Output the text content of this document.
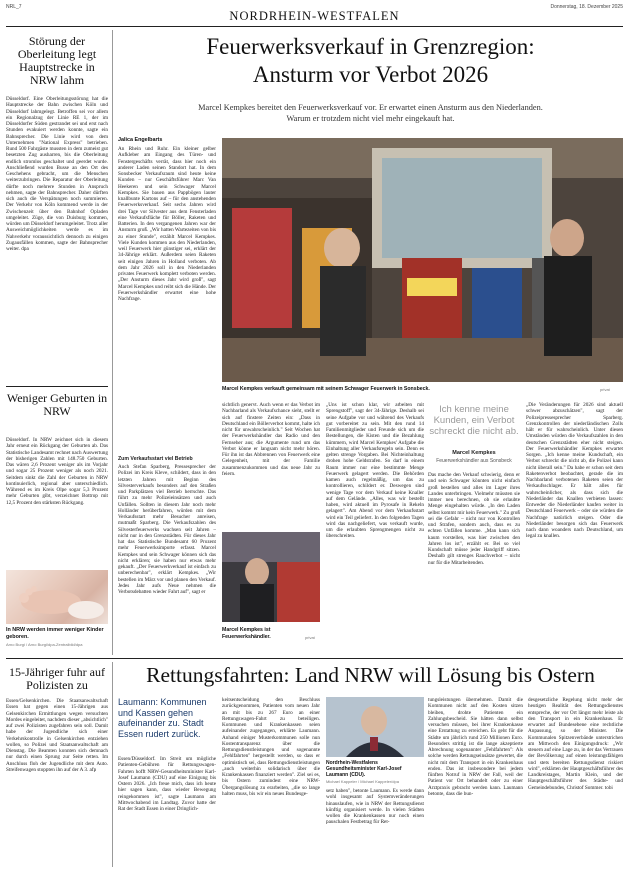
NRL_7	Donnerstag, 18. Dezember 2025
NORDRHEIN-WESTFALEN
Störung der Oberleitung legt Hauptstrecke in NRW lahm
Düsseldorf. Eine Oberleitungsstörung hat die Hauptstrecke der Bahn zwischen Köln und Düsseldorf lahmgelegt. Betroffen sei vor allem ein Regionalzug der Linie RE 1, der im Düsseldorfer Süden gestrandet sei und erst nach Stunden evakuiert werden konnte, sagte ein Bahnsprecher. Die Linie wird von dem Unternehmen "National Express" betrieben. Rund 500 Fahrgäste mussten in dem zumeist gut besetzten Zug ausharren, bis die Oberleitung endlich stromlos geschaltet und geerdet wurde. Anschließend wurden Busse an den Ort des Geschehens gebracht, um die Menschen weiterzubringen. Die Reparatur der Oberleitung dürfte noch mehrere Stunden in Anspruch nehmen, sagte der Bahnsprecher. Daher dürften sich auch die Verspätungen noch summieren. Der Verkehr von Köln kommend werde in der Zwischenzeit über den Bahnhof Opladen umgeleitet. Züge, die von Duisburg kommen, würden um Düsseldorf herumgeleitet. Trotz aller Ausweichmöglichkeiten werde es im Nahverkehr voraussichtlich dennoch zu einigen Zugausfällen kommen, sagte der Bahnsprecher weiter. dpa
Weniger Geburten in NRW
Düsseldorf. In NRW zeichnet sich in diesem Jahr erneut ein Rückgang der Geburten ab. Das Statistische Landesamt rechnet nach Auswertung der bisherigen Zahlen mit 148.750 Geburten. Das wären 2,6 Prozent weniger als im Vorjahr und sogar 25 Prozent weniger als noch 2021. Seitdem sinkt die Zahl der Geburten in NRW kontinuierlich, regional aber unterschiedlich. Während es im Kreis Olpe sogar 5,3 Prozent mehr Geburten gibt, verzeichnet Bottrop mit 12,5 Prozent den stärksten Rückgang.
In NRW werden immer weniger Kinder geboren.
Arno Burgi / Arno Burgi/dpa-Zentralbild/dpa
Feuerwerksverkauf in Grenzregion:
Ansturm vor Verbot 2026
Marcel Kempkes bereitet den Feuerwerksverkauf vor. Er erwartet einen Ansturm aus den Niederlanden.
Warum er trotzdem nicht viel mehr eingekauft hat.
Jalica Engelbarts
An Rhein und Ruhr. Ein kleiner gelber Aufkleber am Eingang des Türen- und Fenstergeschäfts verrät, dass hier noch ein anderer Laden seinen Standort hat. In dem Sonsbecker Verkaufsraum sind heute keine Kunden – nur Geschäftsführer Marc Van Heekeren und sein Schwager Marcel Kempkes. Sie bauen aus Pappbögen lauter knallbunte Kartons auf – für den anstehenden Feuerwerksverkauf. Seit sechs Jahren wird drei Tage vor Silvester aus dem Fensterladen eine Verkaufsfläche für Böller, Raketen und Batterien. In den vergangenen Jahren war der Ansturm groß. „Wir hatten Wartezeiten von bis zu einer Stunde", erzählt Marcel Kempkes. Viele Kunden kommen aus den Niederlanden, weil Feuerwerk hier günstiger sei, erklärt der 34-Jährige erklärt. Außerdem seien Raketen seit einigen Jahren in Holland verboten. Ab dem Jahr 2026 soll in den Niederlanden privates Feuerwerk komplett verboten werden. „Der Ansturm dieses Jahr wird groß", sagt Marcel Kempkes und reibt sich die Hände. Der Feuerwerkshändler erwartet eine hohe Nachfrage.
Marcel Kempkes verkauft gemeinsam mit seinem Schwager Feuerwerk in Sonsbeck.	privat
sichtlich genervt. Auch wenn er das Verbot im Nachbarland als Verkaufschance sieht, stellt er sich auf finstere Zeiten ein: „Dass in Deutschland ein Böllerverbot kommt, halte ich nicht für unwahrscheinlich." Seit Wochen hat der Feuerwerkshändler das Radio und den Fernseher aus; die Argumente rund um das Verbot könne er langsam nicht mehr hören. Für ihn ist das Abbrennen von Feuerwerk eine Gelegenheit, mit der Familie zusammenzukommen und das neue Jahr zu feiern.
Marcel Kempkes ist Feuerwerkshändler.	privat
Zum Verkaufsstart viel Betrieb
Auch Stefan Sparberg, Pressesprecher der Polizei im Kreis Kleve, schildert, dass in den letzten Jahren mit Beginn des Silvesterverkaufs besonders auf den Straßen und Parkplätzen viel Betrieb herrschte. Das führt zu mehr Polizeieinsätzen und auch Unfällen. Sollten in diesem Jahr noch mehr Holländer herüberfahren, würden mit dem Verkaufsstart mehr Besucher anreisen, mutmaßt Sparberg. Die Verkaufszahlen des Silvesterfeuerwerks wachsen seit Jahren – nicht nur in den Grenzstädten. Für dieses Jahr hat das Statistische Bundesamt 60 Prozent mehr Feuerwerksimporte erfasst. Marcel Kempkes und sein Schwager können sich das nicht erklären; sie haben nur etwas mehr gekauft. „Der Feuerwerkverkauf ist einfach zu unberechenbar", erklärt Kempkes. „Wir bestellen im März vor und planen den Verkauf. Jedes Jahr aufs Neue nehmen die Verbotsdebatten wieder Fahrt auf", sagt er
„Uns ist schon klar, wir arbeiten mit Sprengstoff", sagt der 34-Jährige. Deshalb sei seine Aufgabe vor und während des Verkaufs gut vorbereitet zu sein. Mit den rund 14 Familienmitglieder und Freunde sich um die Bestellungen, die Kisten und die Bezahlung kümmern, wird Marcel Kempkes' Aufgabe die Einhaltung aller Verkaufsregeln sein. Denn es gelten strenge Vorgaben. Bei Nichteinhaltung drohen hohe Geldstrafen. So darf in einem Raum immer nur eine bestimmte Menge Feuerwerk gelagert werden. Die Behörden kamen auch regelmäßig, um das zu kontrollieren, schildert er. Deswegen sind wenige Tage vor dem Verkauf keine Knaller auf dem Gelände. „Alles, was wir bestellt haben, wird aktuell im Pyrosafe in Rekeln gelagert". Am Abend vor dem Verkaufsstart wird ein Teil geliefert. In den folgenden Tagen wird das nachgeliefert, was verkauft wurde, um die erlaubten Sprengmengen nicht zu überschreiten.
Ich kenne meine Kunden, ein Verbot schreckt die nicht ab.
Marcel Kempkes
Feuerwerkshändler aus Sonsbeck
Das mache den Verkauf schwierig, denn er und sein Schwager könnten nicht einfach groß bestellen und alles im Lager ihres Landes unterbringen. Vielmehr müssten sie immer neu berechnen, ob sie erlaubte Menge eingehalten würde. „In den Laden selbst kommt mir kein Feuerwerk." Zu groß sei die Gefahr – nicht nur von Kontrollen und Strafen, sondern auch, dass es zu echten Unfällen komme. „Man kann sich kaum vorstellen, was hier zwischen den Jahren los ist", erzählt er. Bei so viel Kundschaft müsse jeder Handgriff sitzen. Deshalb gilt strenges Rauchverbot – nicht nur für die Mitarbeitenden.
„Die Veränderungen für 2026 sind aktuell schwer abzuschätzen", sagt der Polizeipressesprecher Sparberg. Grenzkontrollen der niederländischen Zolls hält er für wahrscheinlich. Unter diesen Umständen würden die Verkaufszahlen in den deutschen Grenzstädten eher nicht steigen. Der Feuerwerkshändler Kempkes erwartet Sorgen. „Ich kenne meine Kundschaft, ein Verbot schreckt die nicht ab, die Polizei kann nicht überall sein." Da habe er schon seit dem Raketenverbot beobachtet, gerade die im Nachbarland verbotenen Raketen seien der Verkaufsschlager. Er hält alles für wahrscheinlicher, als dass sich die Niederländer das Knallen verbieten lassen: Entweder die Niederländer kaufen weiter in Deutschland Feuerwerk – oder sie würden die Nachfrage natürlich steigen. Oder die Niederländer besorgen sich das Feuerwerk nach dann woanders nach Deutschland, um legal zu knallen.
15-Jähriger fuhr auf Polizisten zu
Essen/Gelsenkirchen. Die Staatsanwaltschaft Essen hat gegen einen 15-Jährigen aus Gelsenkirchen Ermittlungen wegen versuchten Mordes eingeleitet, nachdem dieser „absichtlich" auf zwei Polizisten zugefahren sein soll. Damit habe der Jugendliche sich einer Verkehrskontrolle in Gelsenkirchen entziehen wollen, so Polizei und Staatsanwaltschaft am Dienstag. Die Beamten konnten sich demnach nur durch einen Sprung zur Seite retten. Im Anschluss floh der Jugendliche mit dem Auto. Streifenwagen stoppten ihn auf der A 3. afp
Rettungsfahrten: Land NRW will Lösung bis Ostern
Laumann: Kommunen und Kassen gehen aufeinander zu. Stadt Essen rudert zurück.
Essen/Düsseldorf. Im Streit um mögliche Patienten-Gebühren für Rettungswagen-Fahrten hofft NRW-Gesundheitsminister Karl-Josef Laumann (CDU) auf eine Einigung bis Ostern 2026. „Ich freue mich, dass ich heute hier sagen kann, dass wieder Bewegung reingekommen ist", sagte Laumann am Mittwochabend im Landtag. Zuvor hatte der Rat der Stadt Essen in einer Dringlich-
keitsentscheidung den Beschluss zurückgenommen, Patienten vom neuen Jahr an mit bis zu 267 Euro an einer Rettungswagen-Fahrt zu beteiligen. Kommunen und Krankenkassen seien aufeinander zugegangen, erklärte Laumann. Anhand einiger Musterkommunen solle nun Kostentransparenz über die Rettungsdienstleistungen und sogenannte „Fehlfahrten" hergestellt werden, so dass er optimistisch sei, dass Rettungsdienstleistungen „auch weiterhin solidarisch über die Krankenkassen finanziert werden". Ziel sei es, bis Ostern zumindest eine NRW-Übergangslösung zu erarbeiten, „die so lange halten muss, bis wir ein neues Bundesge-
Nordrhein-Westfalens Gesundheitsminister Karl-Josef Laumann (CDU).
Michael Kappeler / Michael Kappeler/dpa
setz haben", betonte Laumann. Es werde dann wohl insgesamt auf Systemveränderungen hinauslaufen, wie in NRW der Rettungsdienst künftig organisiert werde. In vielen Städten wollen die Krankenkassen nur noch einen pauschalen Festbetrag für Ret-
tungsleistungen übernehmen. Damit die Kommunen nicht auf den Kosten sitzen bleiben, drohte Patienten ein Zahlungsbescheid. Sie hätten dann selbst versuchen müssen, bei ihrer Krankenkasse eine Erstattung zu erreichen. Es geht für die Städte um jährlich rund 250 Millionen Euro. Besonders strittig ist die lange akzeptierte Abrechnung sogenannter „Fehlfahrten": Als solche werden Rettungseinsätze gewertet, die nicht mit dem Transport in ein Krankenhaus enden. Das ist insbesondere bei jedem fünften Notruf in NRW der Fall, weil der Patient vor Ort behandelt oder zu einer Arztpraxis gebracht werden kann. Laumann betonte, dass die bun-
desgesetzliche Regelung nicht mehr der heutigen Realität des Rettungsdienstes entspreche, der vor Ort längst mehr leiste als den Transport in ein Krankenhaus. Er erwartet auf Bundesebene eine rechtliche Anpassung, so der Minister. Die Kommunalen Spitzenverbände unterstrichen am Mittwoch den Einigungsdruck: „Wir steuern auf eine Lage zu, in der das Vertrauen der Bevölkerung auf einen leistungsfähigen und stets bereiten Rettungsdienst riskiert wird", erklärten der Hauptgeschäftsführer des Landkreistages, Martin Klein, und der Hauptgeschäftsführer des Städte- und Gemeindebundes, Christof Sommer. tobi
